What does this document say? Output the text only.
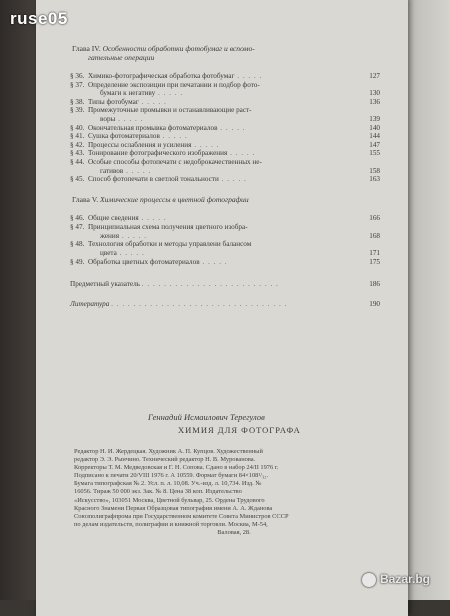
Глава IV. Особенности обработки фотобумаг и вспомо-
гательные операции
§ 36. Химико-фотографическая обработка фотобумаг . . . . .	127
§ 37. Определение экспозиции при печатании и подбор фото-
бумаги к негативу . . . . .	130
§ 38. Типы фотобумаг . . . . .	136
§ 39. Промежуточные промывки и останавливающие раст-
воры . . . . .	139
§ 40. Окончательная промывка фотоматериалов . . . . .	140
§ 41. Сушка фотоматериалов . . . . .	144
§ 42. Процессы ослабления и усиления . . . . .	147
§ 43. Тонирование фотографического изображения . . . . .	155
§ 44. Особые способы фотопечати с недоброкачественных не-
гативов . . . . .	158
§ 45. Способ фотопечати в светлой тональности . . . . .	163
Глава V. Химические процессы в цветной фотографии
§ 46. Общие сведения . . . . .	166
§ 47. Принципиальная схема получения цветного изобра-
жения . . . . .	168
§ 48. Технология обработки и методы управлени балансом
цвета . . . . .	171
§ 49. Обработка цветных фотоматериалов . . . . .	175
Предметный указатель . . . . . . . . . . . . . . . . . . . . . . . . .	186
Литература . . . . . . . . . . . . . . . . . . . . . . . . . . . . . . . .	190
Геннадий Исмаилович Терегулов
ХИМИЯ ДЛЯ ФОТОГРАФА
Редактор Н. И. Жердецкая. Художник А. П. Купцов. Художественный
редактор Э. Э. Рынчино. Технический редактор Н. В. Мурованова.
Корректоры Т. М. Медведовская и Г. Н. Сопова. Сдано в набор 24/II 1976 г.
Подписано к печати 20/VIII 1976 г. А 10559. Формат бумаги 84×108¹/₃₂.
Бумага типографская № 2. Усл. п. л. 10,08. Уч.-изд. л. 10,734. Изд. №
16056. Тираж 50 000 экз. Зак. № 8. Цена 38 коп. Издательство
«Искусство», 103051 Москва, Цветной бульвар, 25. Ордена Трудового
Красного Знамени Первая Образцовая типография имени А. А. Жданова
Союзполиграфпрома при Государственном комитете Совета Министров СССР
по делам издательств, полиграфии и книжной торговли. Москва, М-54,
Валовая, 28.
ruse05
Bazar.bg
